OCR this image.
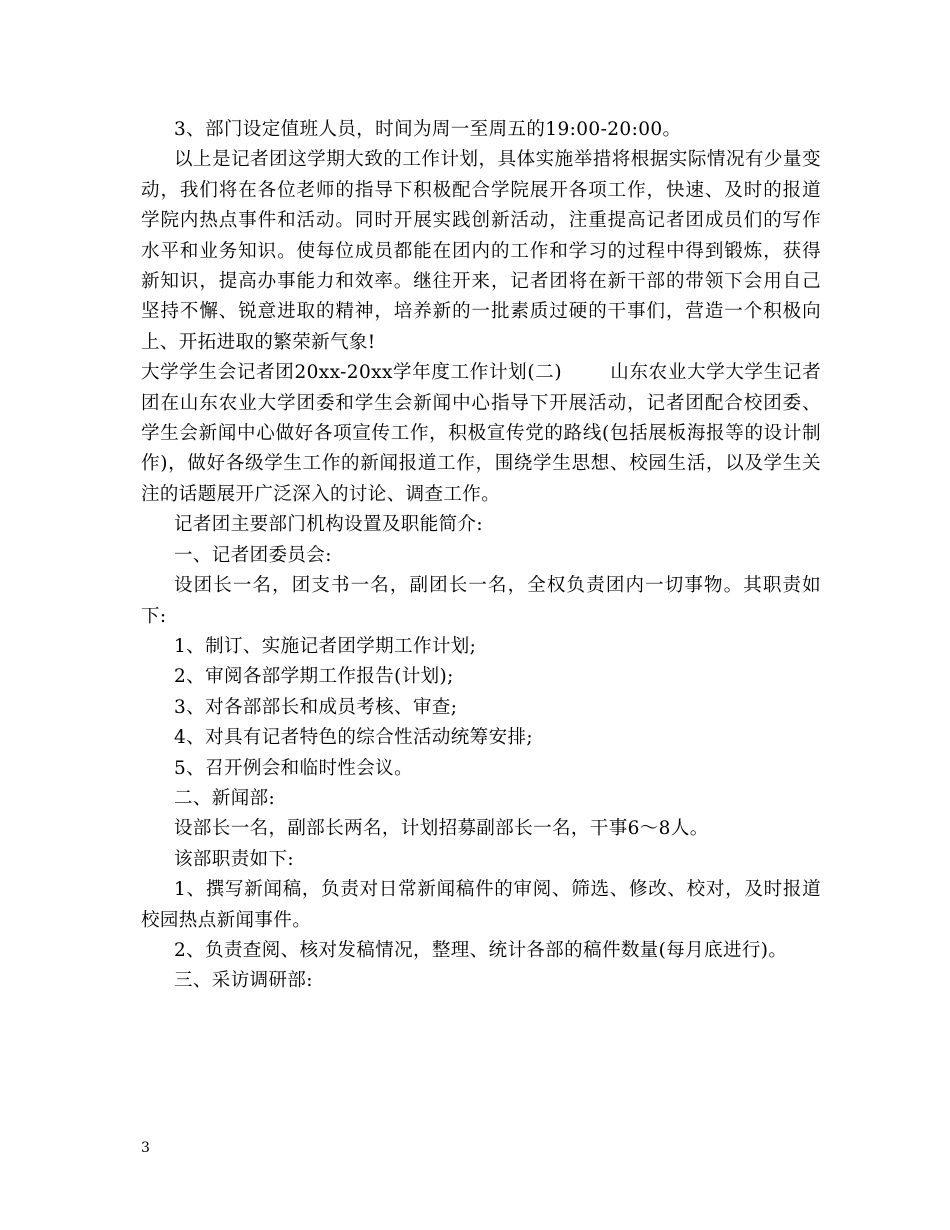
3、部门设定值班人员，时间为周一至周五的19:00-20:00。

以上是记者团这学期大致的工作计划，具体实施举措将根据实际情况有少量变动，我们将在各位老师的指导下积极配合学院展开各项工作，快速、及时的报道学院内热点事件和活动。同时开展实践创新活动，注重提高记者团成员们的写作水平和业务知识。使每位成员都能在团内的工作和学习的过程中得到锻炼，获得新知识，提高办事能力和效率。继往开来，记者团将在新干部的带领下会用自己坚持不懈、锐意进取的精神，培养新的一批素质过硬的干事们，营造一个积极向上、开拓进取的繁荣新气象!

大学学生会记者团20xx-20xx学年度工作计划(二)	山东农业大学大学生记者团在山东农业大学团委和学生会新闻中心指导下开展活动，记者团配合校团委、学生会新闻中心做好各项宣传工作，积极宣传党的路线(包括展板海报等的设计制作)，做好各级学生工作的新闻报道工作，围绕学生思想、校园生活，以及学生关注的话题展开广泛深入的讨论、调查工作。

记者团主要部门机构设置及职能简介:

一、记者团委员会:

设团长一名，团支书一名，副团长一名，全权负责团内一切事物。其职责如下:

1、制订、实施记者团学期工作计划;

2、审阅各部学期工作报告(计划);

3、对各部部长和成员考核、审查;

4、对具有记者特色的综合性活动统筹安排;

5、召开例会和临时性会议。

二、新闻部:

设部长一名，副部长两名，计划招募副部长一名，干事6～8人。

该部职责如下:

1、撰写新闻稿，负责对日常新闻稿件的审阅、筛选、修改、校对，及时报道校园热点新闻事件。

2、负责查阅、核对发稿情况，整理、统计各部的稿件数量(每月底进行)。

三、采访调研部:

3
